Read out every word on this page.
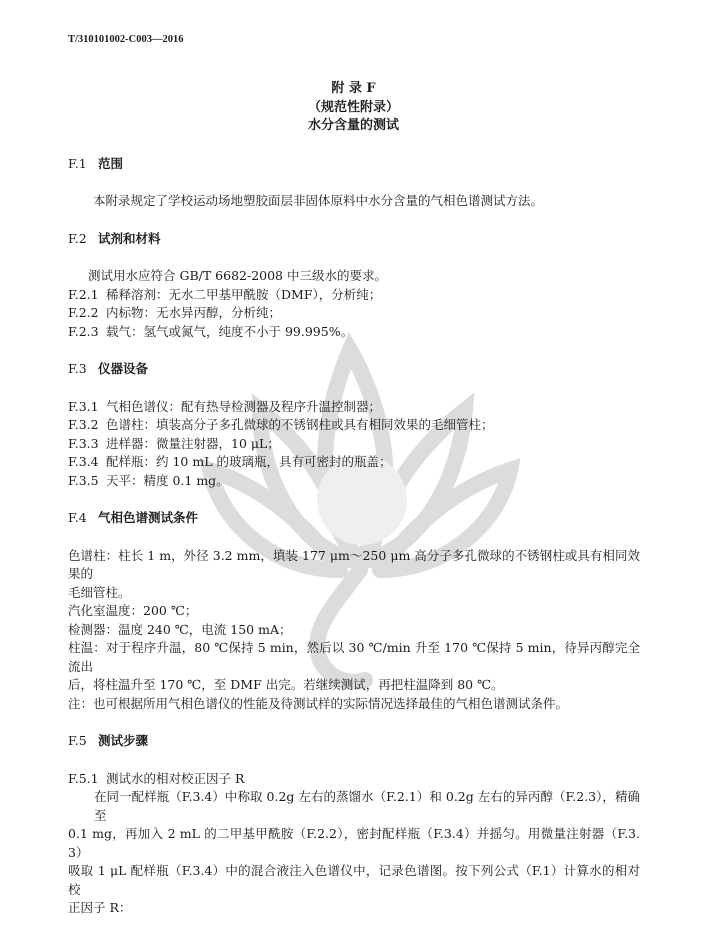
T/310101002-C003—2016
附 录 F
（规范性附录）
水分含量的测试
F.1 范围
本附录规定了学校运动场地塑胶面层非固体原料中水分含量的气相色谱测试方法。
F.2 试剂和材料
测试用水应符合 GB/T 6682-2008 中三级水的要求。
F.2.1 稀释溶剂：无水二甲基甲酰胺（DMF），分析纯；
F.2.2 内标物：无水异丙醇，分析纯；
F.2.3 载气：氢气或氮气，纯度不小于 99.995%。
F.3 仪器设备
F.3.1 气相色谱仪：配有热导检测器及程序升温控制器；
F.3.2 色谱柱：填装高分子多孔微球的不锈钢柱或具有相同效果的毛细管柱；
F.3.3 进样器：微量注射器，10 μL；
F.3.4 配样瓶：约 10 mL 的玻璃瓶，具有可密封的瓶盖；
F.3.5 天平：精度 0.1 mg。
F.4 气相色谱测试条件
色谱柱：柱长 1 m，外径 3.2 mm，填装 177 μm～250 μm 高分子多孔微球的不锈钢柱或具有相同效果的
毛细管柱。
汽化室温度：200 ℃；
检测器：温度 240 ℃，电流 150 mA；
柱温：对于程序升温，80 ℃保持 5 min，然后以 30 ℃/min 升至 170 ℃保持 5 min，待异丙醇完全流出
后，将柱温升至 170 ℃，至 DMF 出完。若继续测试，再把柱温降到 80 ℃。
注：也可根据所用气相色谱仪的性能及待测试样的实际情况选择最佳的气相色谱测试条件。
F.5 测试步骤
F.5.1 测试水的相对校正因子 R
在同一配样瓶（F.3.4）中称取 0.2g 左右的蒸馏水（F.2.1）和 0.2g 左右的异丙醇（F.2.3），精确至
0.1 mg，再加入 2 mL 的二甲基甲酰胺（F.2.2），密封配样瓶（F.3.4）并摇匀。用微量注射器（F.3.3）
吸取 1 μL 配样瓶（F.3.4）中的混合液注入色谱仪中，记录色谱图。按下列公式（F.1）计算水的相对校
正因子 R：
